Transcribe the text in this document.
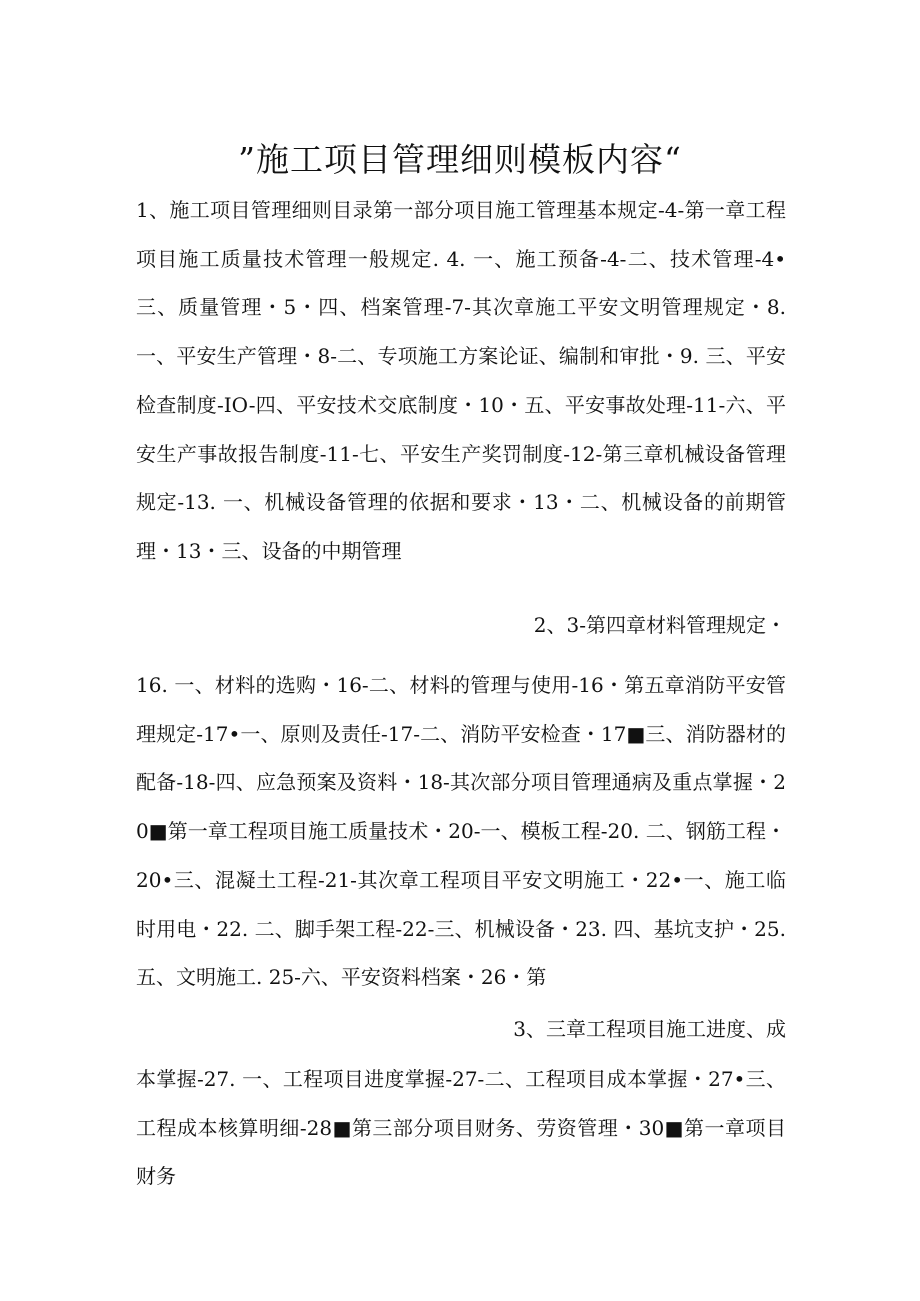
”施工项目管理细则模板内容“
1、施工项目管理细则目录第一部分项目施工管理基本规定-4-第一章工程项目施工质量技术管理一般规定. 4. 一、施工预备-4-二、技术管理-4•三、质量管理・5・四、档案管理-7-其次章施工平安文明管理规定・8. 一、平安生产管理・8-二、专项施工方案论证、编制和审批・9. 三、平安检查制度-IO-四、平安技术交底制度・10・五、平安事故处理-11-六、平安生产事故报告制度-11-七、平安生产奖罚制度-12-第三章机械设备管理规定-13. 一、机械设备管理的依据和要求・13・二、机械设备的前期管理・13・三、设备的中期管理
2、3-第四章材料管理规定・
16. 一、材料的选购・16-二、材料的管理与使用-16・第五章消防平安管理规定-17•一、原则及责任-17-二、消防平安检查・17■三、消防器材的配备-18-四、应急预案及资料・18-其次部分项目管理通病及重点掌握・20■第一章工程项目施工质量技术・20-一、模板工程-20. 二、钢筋工程・20•三、混凝土工程-21-其次章工程项目平安文明施工・22•一、施工临时用电・22. 二、脚手架工程-22-三、机械设备・23. 四、基坑支护・25. 五、文明施工. 25-六、平安资料档案・26・第
3、三章工程项目施工进度、成
本掌握-27. 一、工程项目进度掌握-27-二、工程项目成本掌握・27•三、工程成本核算明细-28■第三部分项目财务、劳资管理・30■第一章项目财务
